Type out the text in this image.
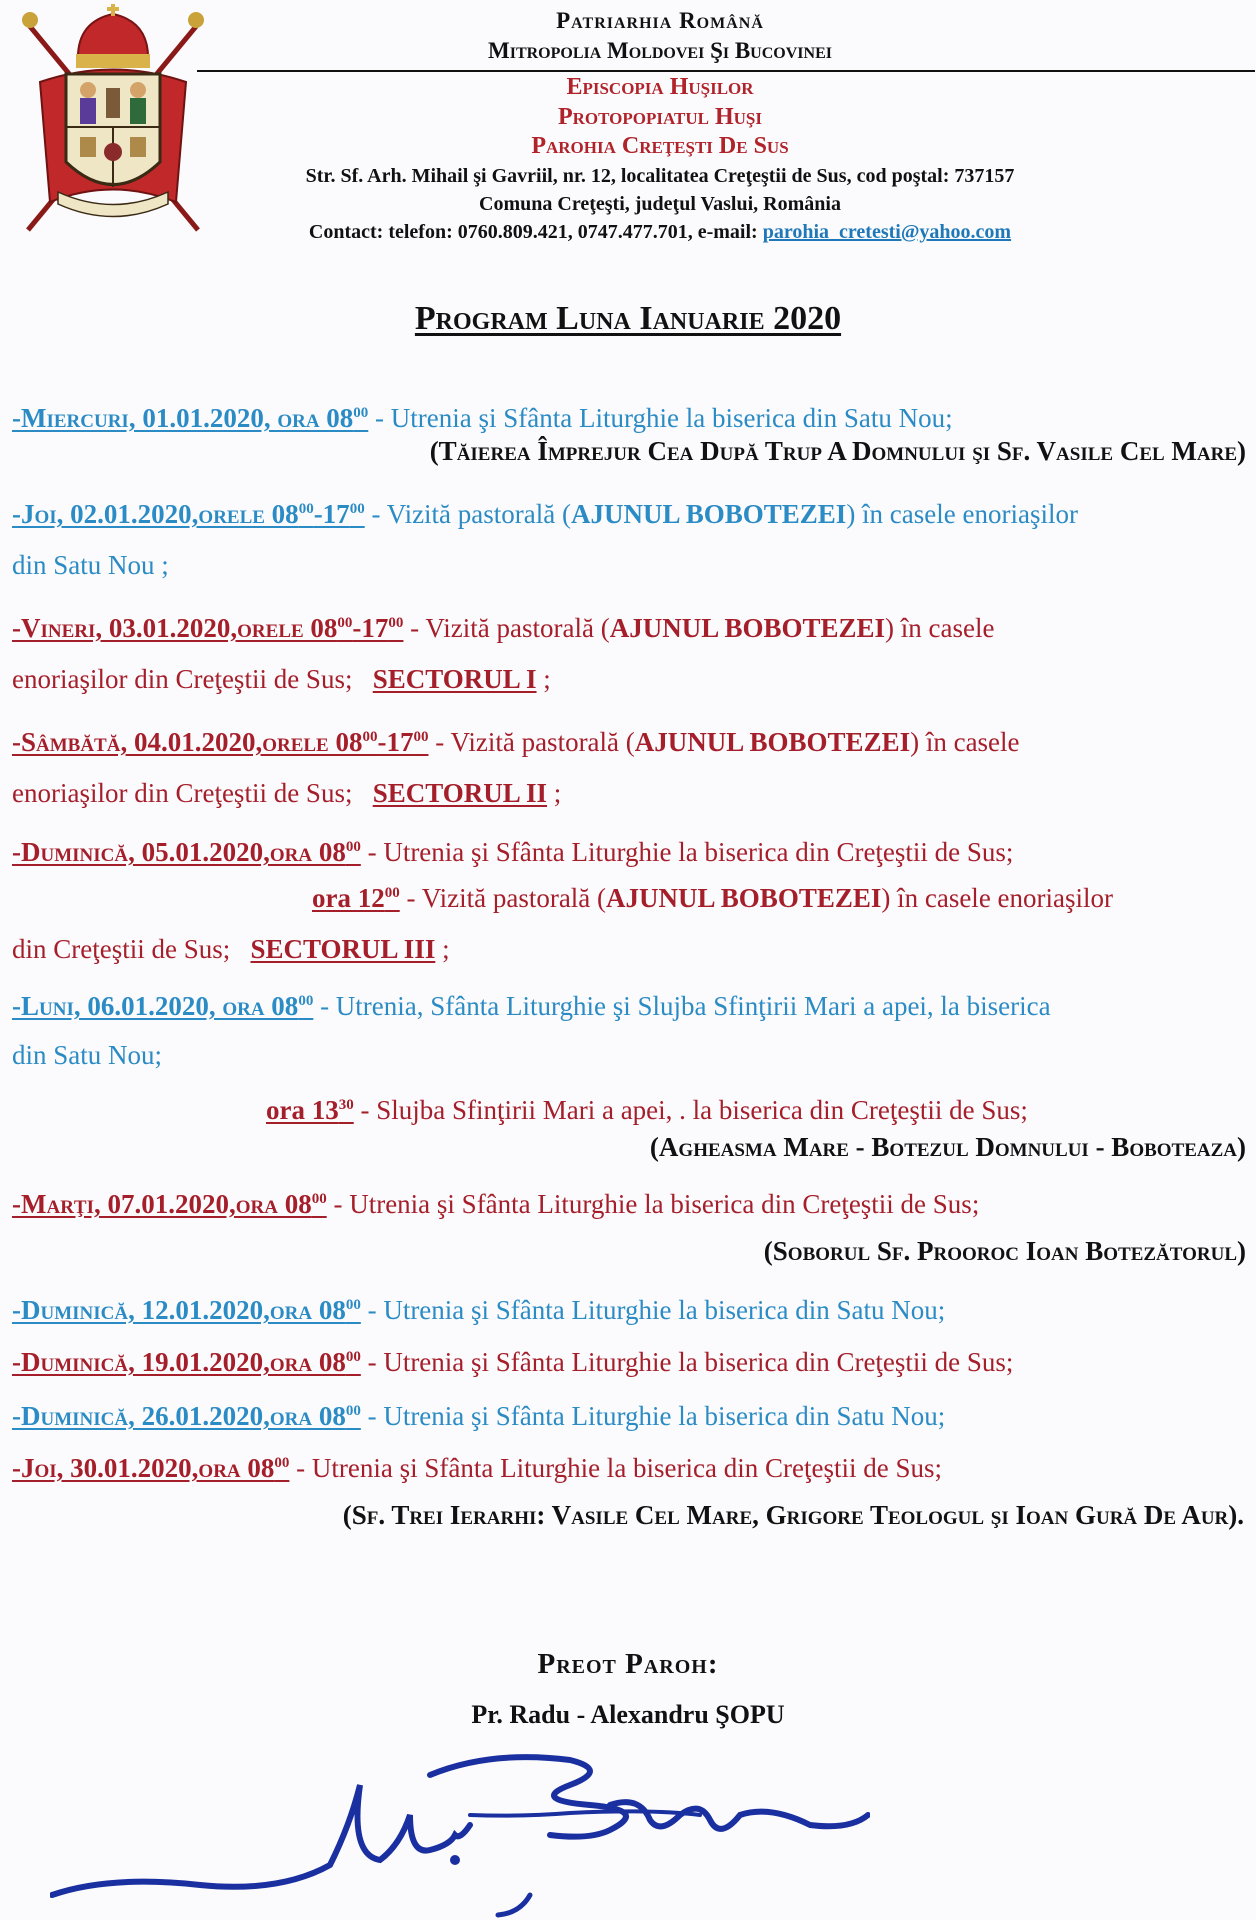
Patriarhia Română
Mitropolia Moldovei Şi Bucovinei
Episcopia Huşilor
Protopopiatul Huşi
Parohia Creţeşti De Sus
Str. Sf. Arh. Mihail şi Gavriil, nr. 12, localitatea Creţeştii de Sus, cod poştal: 737157
Comuna Creţeşti, judeţul Vaslui, România
Contact: telefon: 0760.809.421, 0747.477.701, e-mail: parohia_cretesti@yahoo.com
Program Luna Ianuarie 2020
-Miercuri, 01.01.2020, ora $08^{00}$ - Utrenia şi Sfânta Liturghie la biserica din Satu Nou;
(Tăierea Împrejur Cea După Trup A Domnului şi Sf. Vasile Cel Mare)
-Joi, 02.01.2020,orele $08^{00}-17^{00}$ - Vizită pastorală (AJUNUL BOBOTEZEI) în casele enoriaşilor
din Satu Nou ;
-Vineri, 03.01.2020,orele $08^{00}-17^{00}$ - Vizită pastorală (AJUNUL BOBOTEZEI) în casele
enoriaşilor din Creţeştii de Sus; SECTORUL I ;
-Sâmbătă, 04.01.2020,orele $08^{00}-17^{00}$ - Vizită pastorală (AJUNUL BOBOTEZEI) în casele
enoriaşilor din Creţeştii de Sus; SECTORUL II ;
-Duminică, 05.01.2020,ora $08^{00}$ - Utrenia şi Sfânta Liturghie la biserica din Creţeştii de Sus;
ora $12^{00}$ - Vizită pastorală (AJUNUL BOBOTEZEI) în casele enoriaşilor
din Creţeştii de Sus; SECTORUL III ;
-Luni, 06.01.2020, ora $08^{00}$ - Utrenia, Sfânta Liturghie şi Slujba Sfinţirii Mari a apei, la biserica
din Satu Nou;
ora $13^{30}$ - Slujba Sfinţirii Mari a apei, . la biserica din Creţeştii de Sus;
(Agheasma Mare - Botezul Domnului - Boboteaza)
-Marţi, 07.01.2020,ora $08^{00}$ - Utrenia şi Sfânta Liturghie la biserica din Creţeştii de Sus;
(Soborul Sf. Prooroc Ioan Botezătorul)
-Duminică, 12.01.2020,ora $08^{00}$ - Utrenia şi Sfânta Liturghie la biserica din Satu Nou;
-Duminică, 19.01.2020,ora $08^{00}$ - Utrenia şi Sfânta Liturghie la biserica din Creţeştii de Sus;
-Duminică, 26.01.2020,ora $08^{00}$ - Utrenia şi Sfânta Liturghie la biserica din Satu Nou;
-Joi, 30.01.2020,ora $08^{00}$ - Utrenia şi Sfânta Liturghie la biserica din Creţeştii de Sus;
(Sf. Trei Ierarhi: Vasile Cel Mare, Grigore Teologul şi Ioan Gură De Aur).
Preot Paroh:
Pr. Radu - Alexandru ŞOPU
